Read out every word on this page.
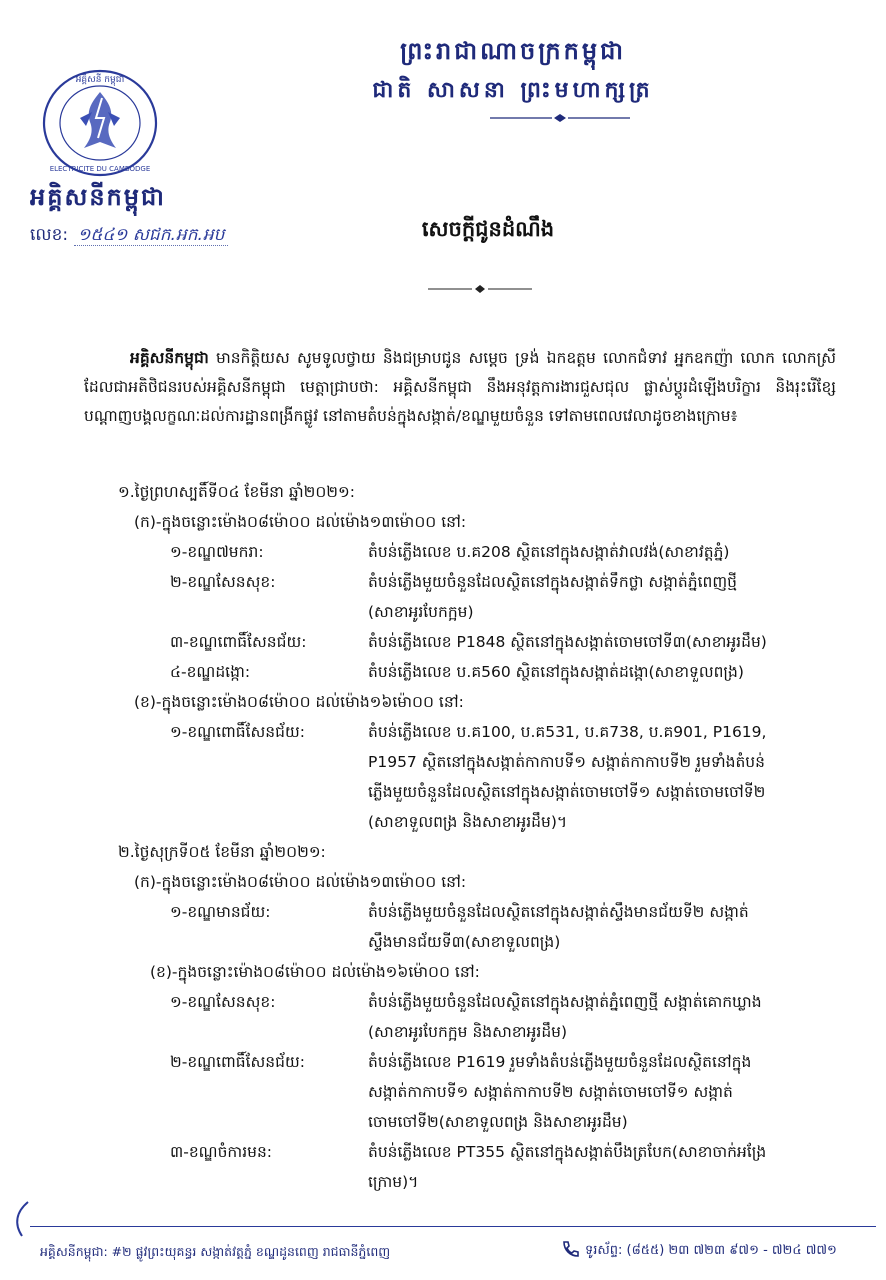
ព្រះរាជាណាចក្រកម្ពុជា
ជាតិ សាសនា ព្រះមហាក្សត្រ
អគ្គិសនី កម្ពុជា
ELECTRICITE DU CAMBODGE
អគ្គិសនីកម្ពុជា
លេខ: ១៥៤១ សជក.អក.អប	សេចក្តីជូនដំណឹង
អគ្គិសនីកម្ពុជា មានកិត្តិយស សូមទូលថ្វាយ និងជម្រាបជូន សម្តេច ទ្រង់ ឯកឧត្តម លោកជំទាវ អ្នកឧកញ៉ា លោក លោកស្រី ដែលជាអតិថិជនរបស់អគ្គិសនីកម្ពុជា មេត្តាជ្រាបថា: អគ្គិសនីកម្ពុជា នឹងអនុវត្តការងារជួសជុល ផ្លាស់ប្តូរដំឡើងបរិក្ខារ និងរុះរើខ្សែបណ្តាញបង្គលក្ខណៈដល់ការដ្ឋានពង្រីកផ្លូវ នៅតាមតំបន់ក្នុងសង្កាត់/ខណ្ឌមួយចំនួន ទៅតាមពេលវេលាដូចខាងក្រោម៖
១.ថ្ងៃព្រហស្បតិ៍ទី០៤ ខែមីនា ឆ្នាំ២០២១:
(ក)-ក្នុងចន្លោះម៉ោង០៨ម៉ោ០០ ដល់ម៉ោង១៣ម៉ោ០០ នៅ:
១-ខណ្ឌ៧មករា:	តំបន់ភ្លើងលេខ ប.គ208 ស្ថិតនៅក្នុងសង្កាត់វាលវង់(សាខាវត្តភ្នំ)
២-ខណ្ឌសែនសុខ:	តំបន់ភ្លើងមួយចំនួនដែលស្ថិតនៅក្នុងសង្កាត់ទឹកថ្លា សង្កាត់ភ្នំពេញថ្មី
(សាខាអូរបែកក្អម)
៣-ខណ្ឌពោធិ៍សែនជ័យ:	តំបន់ភ្លើងលេខ P1848 ស្ថិតនៅក្នុងសង្កាត់ចោមចៅទី៣(សាខាអូរដឹម)
៤-ខណ្ឌដង្កោ:	តំបន់ភ្លើងលេខ ប.គ560 ស្ថិតនៅក្នុងសង្កាត់ដង្កោ(សាខាទួលពង្រ)
(ខ)-ក្នុងចន្លោះម៉ោង០៨ម៉ោ០០ ដល់ម៉ោង១៦ម៉ោ០០ នៅ:
១-ខណ្ឌពោធិ៍សែនជ័យ:	តំបន់ភ្លើងលេខ ប.គ100, ប.គ531, ប.គ738, ប.គ901, P1619,
P1957 ស្ថិតនៅក្នុងសង្កាត់កាកាបទី១ សង្កាត់កាកាបទី២ រួមទាំងតំបន់
ភ្លើងមួយចំនួនដែលស្ថិតនៅក្នុងសង្កាត់ចោមចៅទី១ សង្កាត់ចោមចៅទី២
(សាខាទួលពង្រ និងសាខាអូរដឹម)។
២.ថ្ងៃសុក្រទី០៥ ខែមីនា ឆ្នាំ២០២១:
(ក)-ក្នុងចន្លោះម៉ោង០៨ម៉ោ០០ ដល់ម៉ោង១៣ម៉ោ០០ នៅ:
១-ខណ្ឌមានជ័យ:	តំបន់ភ្លើងមួយចំនួនដែលស្ថិតនៅក្នុងសង្កាត់ស្ទឹងមានជ័យទី២ សង្កាត់
ស្ទឹងមានជ័យទី៣(សាខាទួលពង្រ)
(ខ)-ក្នុងចន្លោះម៉ោង០៨ម៉ោ០០ ដល់ម៉ោង១៦ម៉ោ០០ នៅ:
១-ខណ្ឌសែនសុខ:	តំបន់ភ្លើងមួយចំនួនដែលស្ថិតនៅក្នុងសង្កាត់ភ្នំពេញថ្មី សង្កាត់គោកឃ្លាង
(សាខាអូរបែកក្អម និងសាខាអូរដឹម)
២-ខណ្ឌពោធិ៍សែនជ័យ:	តំបន់ភ្លើងលេខ P1619 រួមទាំងតំបន់ភ្លើងមួយចំនួនដែលស្ថិតនៅក្នុង
សង្កាត់កាកាបទី១ សង្កាត់កាកាបទី២ សង្កាត់ចោមចៅទី១ សង្កាត់
ចោមចៅទី២(សាខាទួលពង្រ និងសាខាអូរដឹម)
៣-ខណ្ឌចំការមន:	តំបន់ភ្លើងលេខ PT355 ស្ថិតនៅក្នុងសង្កាត់បឹងត្របែក(សាខាចាក់អង្រែ
ក្រោម)។
អគ្គិសនីកម្ពុជា: #២ ផ្លូវព្រះយុគន្ធរ សង្កាត់វត្តភ្នំ ខណ្ឌដូនពេញ រាជធានីភ្នំពេញ	ទូរស័ព្ទ: (៨៥៥) ២៣ ៧២៣ ៩៧១ - ៧២៤ ៧៧១
